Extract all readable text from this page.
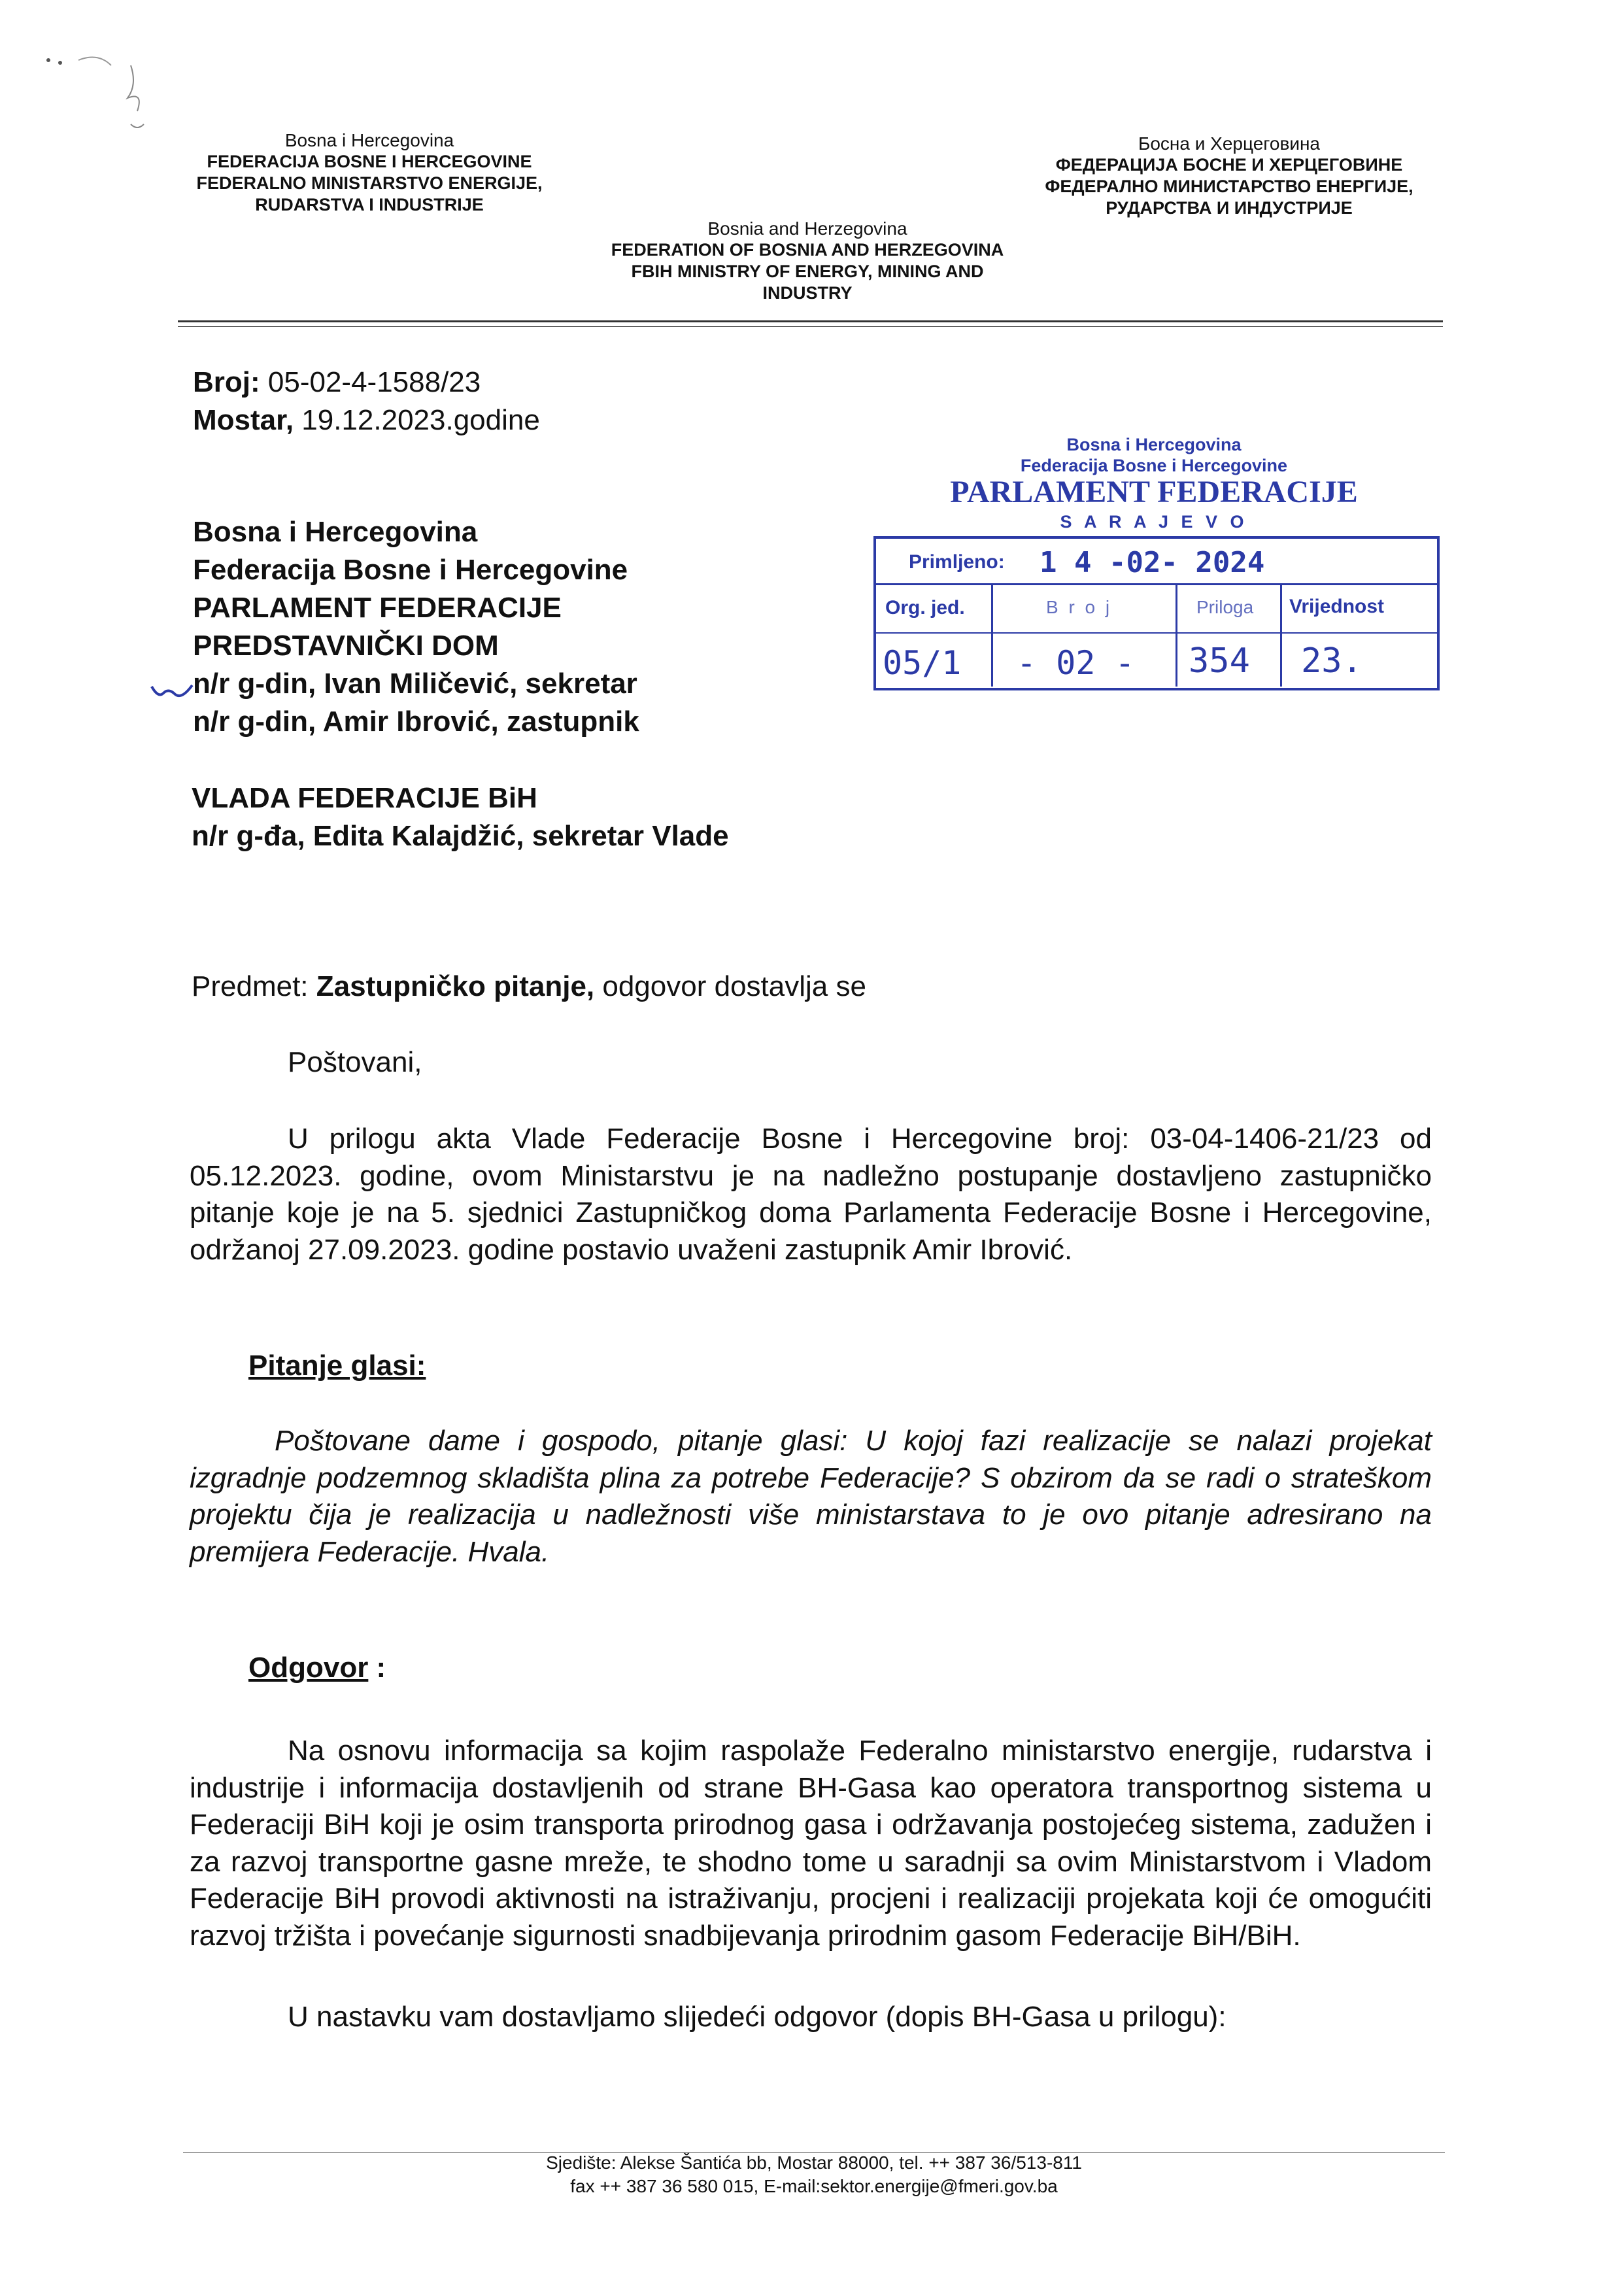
Bosna i Hercegovina
FEDERACIJA BOSNE I HERCEGOVINE
FEDERALNO MINISTARSTVO ENERGIJE,
RUDARSTVA I INDUSTRIJE
Bosnia and Herzegovina
FEDERATION OF BOSNIA AND HERZEGOVINA
FBIH MINISTRY OF ENERGY, MINING AND
INDUSTRY
Босна и Херцеговина
ФЕДЕРАЦИЈА БОСНЕ И ХЕРЦЕГОВИНЕ
ФЕДЕРАЛНО МИНИСТАРСТВО ЕНЕРГИЈЕ,
РУДАРСТВА И ИНДУСТРИЈЕ
Broj: 05-02-4-1588/23
Mostar, 19.12.2023.godine
Bosna i Hercegovina
Federacija Bosne i Hercegovine
PARLAMENT FEDERACIJE
S A R A J E V O
Primljeno: 1 4 -02- 2024
Org. jed.	B r o j	Priloga Vrijednost
05/1 - 02 - 354 23.
Bosna i Hercegovina
Federacija Bosne i Hercegovine
PARLAMENT FEDERACIJE
PREDSTAVNIČKI DOM
n/r g-din, Ivan Miličević, sekretar
n/r g-din, Amir Ibrović, zastupnik
VLADA FEDERACIJE BiH
n/r g-đa, Edita Kalajdžić, sekretar Vlade
Predmet: Zastupničko pitanje, odgovor dostavlja se
Poštovani,
U prilogu akta Vlade Federacije Bosne i Hercegovine broj: 03-04-1406-21/23 od 05.12.2023. godine, ovom Ministarstvu je na nadležno postupanje dostavljeno zastupničko pitanje koje je na 5. sjednici Zastupničkog doma Parlamenta Federacije Bosne i Hercegovine, održanoj 27.09.2023. godine postavio uvaženi zastupnik Amir Ibrović.
Pitanje glasi:
Poštovane dame i gospodo, pitanje glasi: U kojoj fazi realizacije se nalazi projekat izgradnje podzemnog skladišta plina za potrebe Federacije? S obzirom da se radi o strateškom projektu čija je realizacija u nadležnosti više ministarstava to je ovo pitanje adresirano na premijera Federacije. Hvala.
Odgovor :
Na osnovu informacija sa kojim raspolaže Federalno ministarstvo energije, rudarstva i industrije i informacija dostavljenih od strane BH-Gasa kao operatora transportnog sistema u Federaciji BiH koji je osim transporta prirodnog gasa i održavanja postojećeg sistema, zadužen i za razvoj transportne gasne mreže, te shodno tome u saradnji sa ovim Ministarstvom i Vladom Federacije BiH provodi aktivnosti na istraživanju, procjeni i realizaciji projekata koji će omogućiti razvoj tržišta i povećanje sigurnosti snadbijevanja prirodnim gasom Federacije BiH/BiH.
U nastavku vam dostavljamo slijedeći odgovor (dopis BH-Gasa u prilogu):
Sjedište: Alekse Šantića bb, Mostar 88000, tel. ++ 387 36/513-811
fax ++ 387 36 580 015, E-mail:sektor.energije@fmeri.gov.ba
